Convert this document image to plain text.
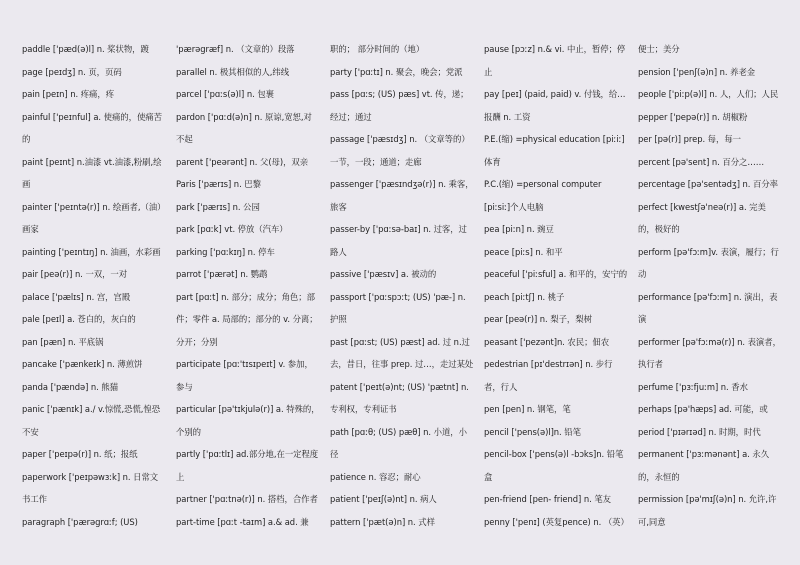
paddle ['pæd(ə)l] n. 桨状物，踱

page [peɪdʒ] n. 页，页码

pain [peɪn] n. 疼痛，疼

painful ['peɪnful] a. 使痛的，使痛苦的

paint [peɪnt] n.油漆 vt.油漆,粉刷,绘画

painter ['peɪntə(r)] n. 绘画者,（油）画家

painting ['peɪntɪŋ] n. 油画，水彩画

pair [peə(r)] n. 一双，一对

palace ['pælɪs] n. 宫，宫殿

pale [peɪl] a. 苍白的，灰白的

pan [pæn] n. 平底锅

pancake ['pænkeɪk] n. 薄煎饼

panda ['pændə] n. 熊猫

panic ['pænɪk] a./ v.惊慌,恐慌,惶恐不安

paper ['peɪpə(r)] n. 纸；报纸

paperwork ['peɪpəwɜːk] n. 日常文书工作

paragraph ['pærəgrɑːf; (US)

'pærəgræf] n. （文章的）段落

parallel n. 极其相似的人,纬线

parcel ['pɑːs(ə)l] n. 包裹

pardon ['pɑːd(ə)n] n. 原谅,宽恕,对不起

parent ['peərənt] n. 父(母)，双亲

Paris ['pærɪs] n. 巴黎

park ['pærɪs] n. 公园

park [pɑːk] vt. 停放（汽车）

parking ['pɑːkɪŋ] n. 停车

parrot ['pærət] n. 鹦鹉

part [pɑːt] n. 部分；成分；角色；部件；零件 a. 局部的；部分的 v. 分离；分开；分别

participate [pɑː'tɪsɪpeɪt] v. 参加，参与

particular [pə'tɪkjulə(r)] a. 特殊的，个别的

partly ['pɑːtlɪ] ad.部分地,在一定程度上

partner ['pɑːtnə(r)] n. 搭档，合作者

part-time [pɑːt -taɪm] a.& ad. 兼

职的； 部分时间的（地）

party ['pɑːtɪ] n. 聚会，晚会；党派

pass [pɑːs; (US) pæs] vt. 传，递；经过；通过

passage ['pæsɪdʒ] n. （文章等的）一节，一段；通道；走廊

passenger ['pæsɪndʒə(r)] n. 乘客，旅客

passer-by ['pɑːsə-baɪ] n. 过客，过路人

passive ['pæsɪv] a. 被动的

passport ['pɑːspɔːt; (US) 'pæ-] n. 护照

past [pɑːst; (US) pæst] ad. 过 n.过去，昔日，往事 prep. 过…，走过某处

patent ['peɪt(ə)nt; (US) 'pætnt] n.专利权，专利证书

path [pɑːθ; (US) pæθ] n. 小道，小径

patience n. 容忍；耐心

patient ['peɪʃ(ə)nt] n. 病人

pattern ['pæt(ə)n] n. 式样

pause [pɔːz] n.& vi. 中止，暂停；停止

pay [peɪ] (paid, paid) v. 付钱，给…报酬 n. 工资

P.E.(缩) =physical education [piːiː] 体育

P.C.(缩) =personal computer

[piːsiː]个人电脑

pea [piːn] n. 豌豆

peace [piːs] n. 和平

peaceful ['piːsful] a. 和平的，安宁的

peach [piːtʃ] n. 桃子

pear [peə(r)] n. 梨子，梨树

peasant ['pezənt]n. 农民；佃农

pedestrian [pɪ'destrɪən] n. 步行者，行人

pen [pen] n. 钢笔，笔

pencil ['pens(ə)l]n. 铅笔

pencil-box ['pens(ə)l -bɔks]n. 铅笔盒

pen-friend [pen- friend] n. 笔友

penny ['penɪ] (英复pence) n. （英）

便士；美分

pension ['penʃ(ə)n] n. 养老金

people ['piːp(ə)l] n. 人，人们；人民

pepper ['pepə(r)] n. 胡椒粉

per [pə(r)] prep. 每，每一

percent [pə'sent] n. 百分之……

percentage [pə'sentədʒ] n. 百分率

perfect [kwestʃə'neə(r)] a. 完美的，极好的

perform [pə'fɔːm]v. 表演，履行；行动

performance [pə'fɔːm] n. 演出，表演

performer [pə'fɔːmə(r)] n. 表演者，执行者

perfume ['pɜːfjuːm] n. 香水

perhaps [pə'hæps] ad. 可能，或

period ['pɪərɪəd] n. 时期，时代

permanent ['pɜːmənənt] a. 永久的，永恒的

permission [pə'mɪʃ(ə)n] n. 允许,许可,同意
